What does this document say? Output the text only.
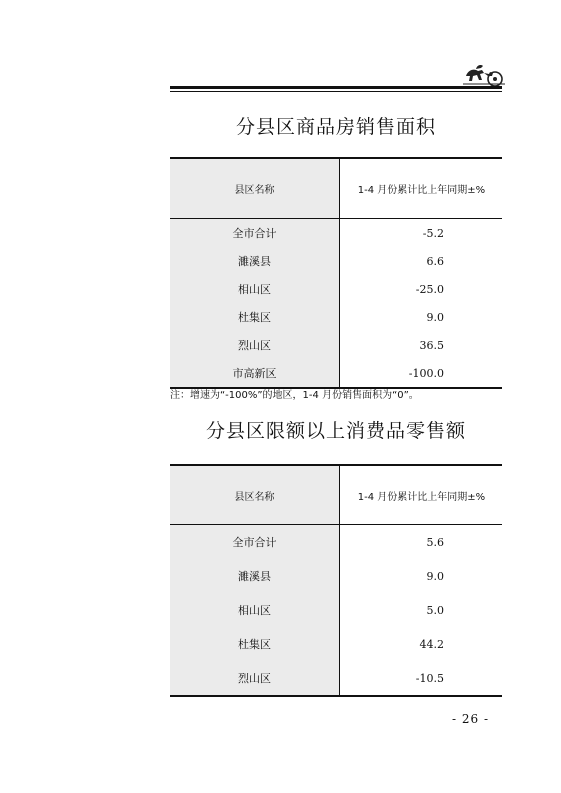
分县区商品房销售面积
县区名称	1-4 月份累计比上年同期±%
全市合计	-5.2
濉溪县	6.6
相山区	-25.0
杜集区	9.0
烈山区	36.5
市高新区	-100.0
注：增速为“-100%”的地区，1-4 月份销售面积为“0”。
分县区限额以上消费品零售额
县区名称	1-4 月份累计比上年同期±%
全市合计	5.6
濉溪县	9.0
相山区	5.0
杜集区	44.2
烈山区	-10.5
- 26 -
